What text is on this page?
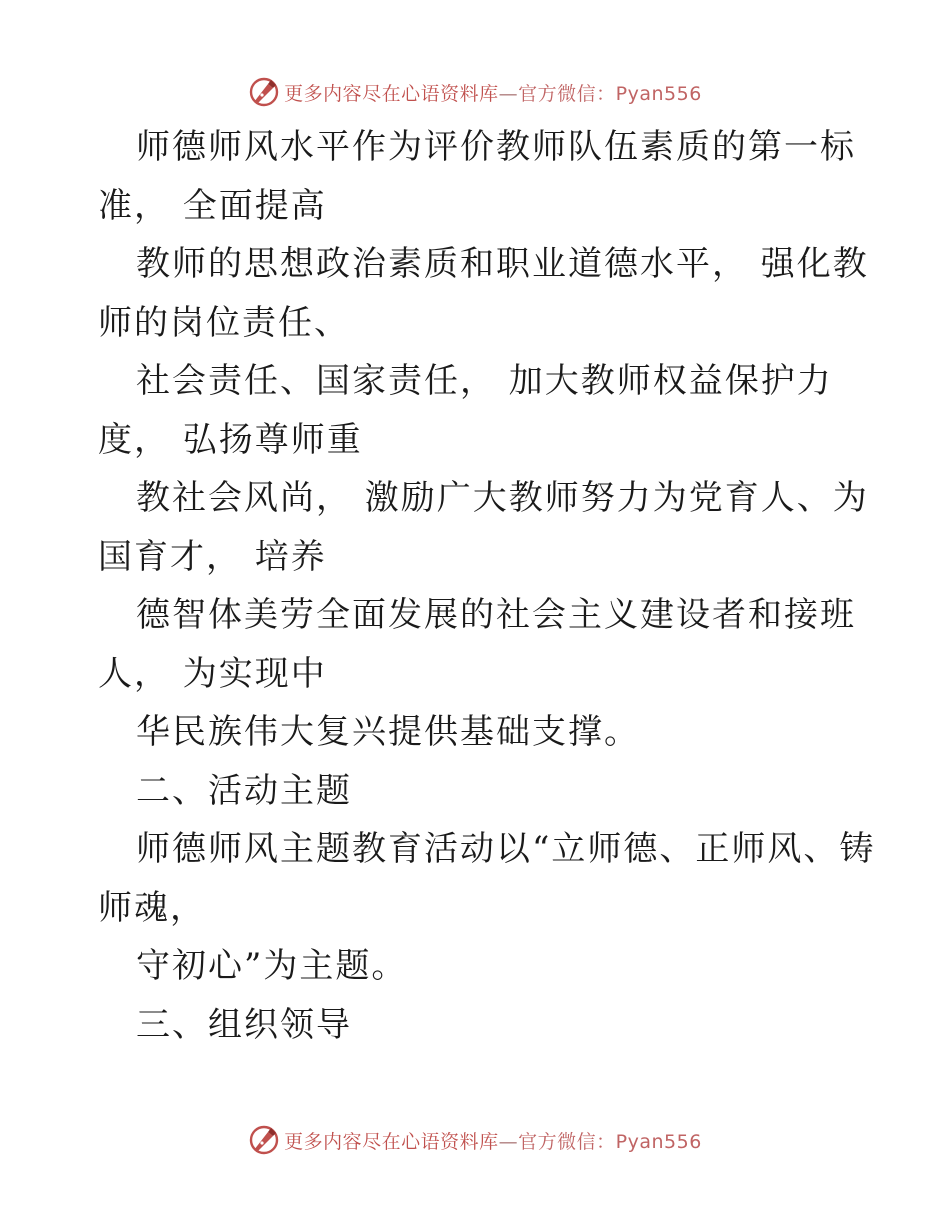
更多内容尽在心语资料库—官方微信：Pyan556
师德师风水平作为评价教师队伍素质的第一标
准， 全面提高
教师的思想政治素质和职业道德水平， 强化教
师的岗位责任、
社会责任、国家责任， 加大教师权益保护力
度， 弘扬尊师重
教社会风尚， 激励广大教师努力为党育人、为
国育才， 培养
德智体美劳全面发展的社会主义建设者和接班
人， 为实现中
华民族伟大复兴提供基础支撑。
二、活动主题
师德师风主题教育活动以“立师德、正师风、铸
师魂，
守初心”为主题。
三、组织领导
更多内容尽在心语资料库—官方微信：Pyan556
